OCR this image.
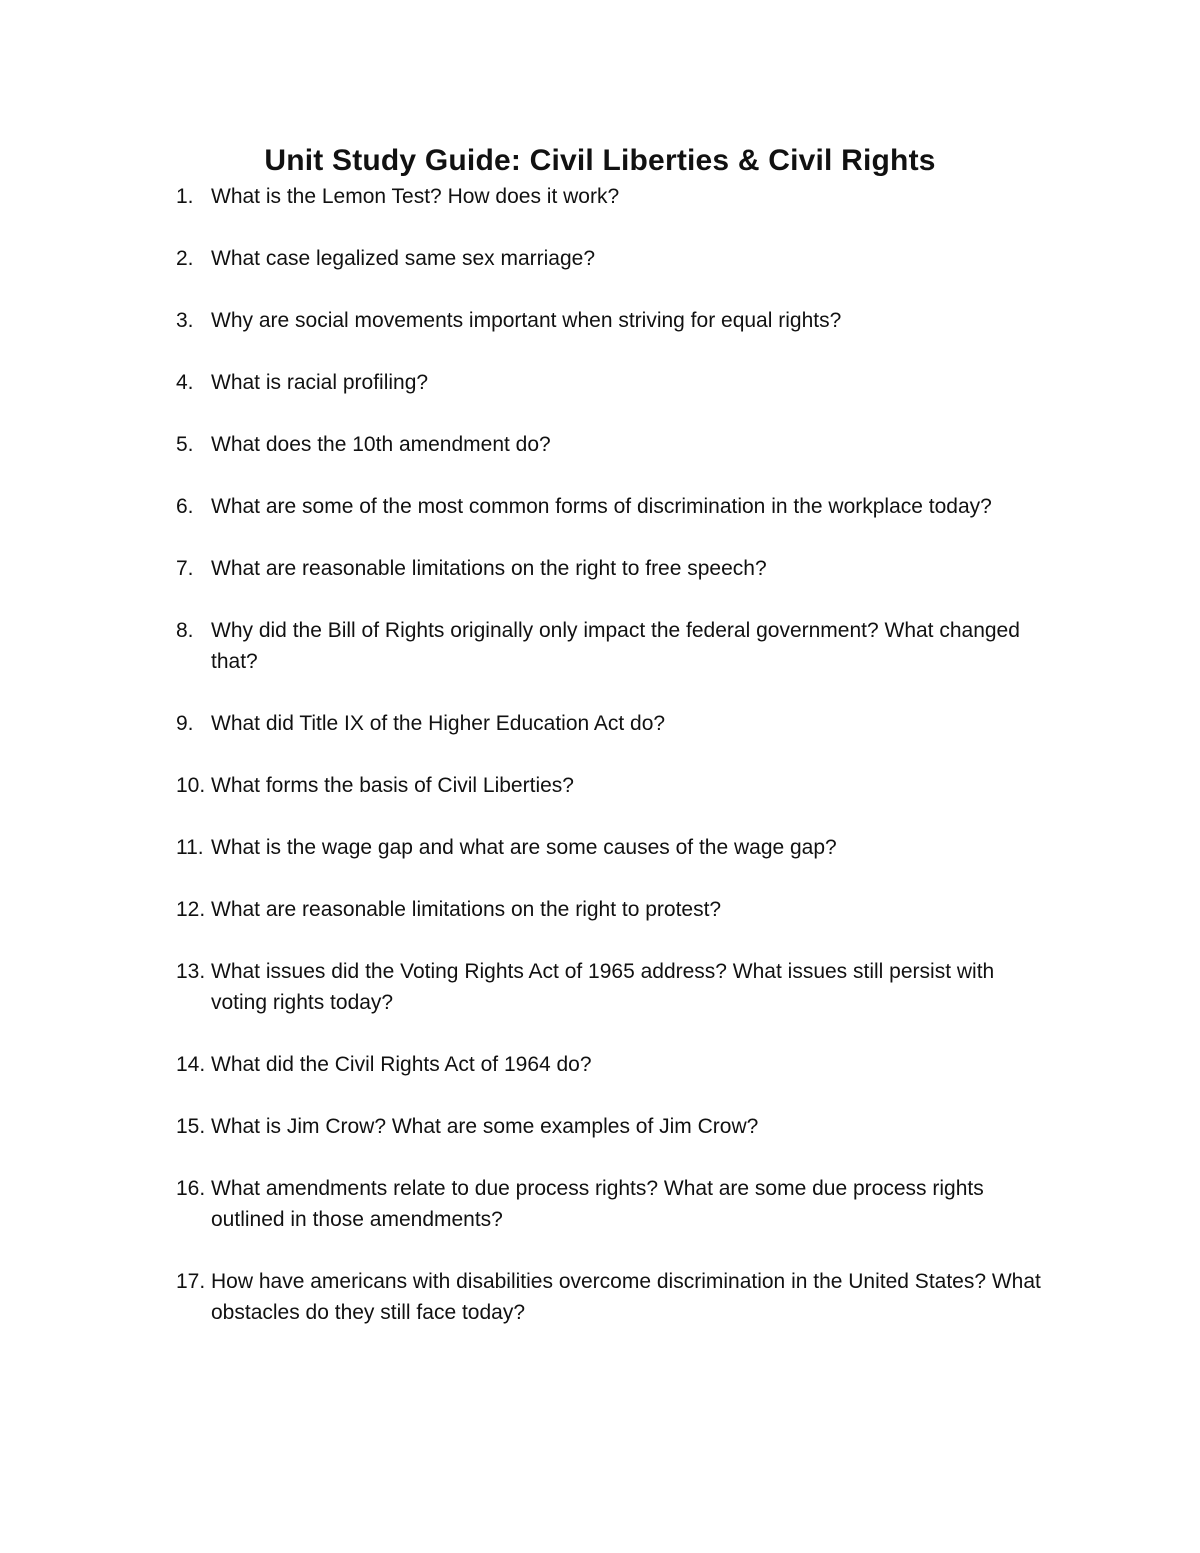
Unit Study Guide: Civil Liberties & Civil Rights
1. What is the Lemon Test? How does it work?
2. What case legalized same sex marriage?
3. Why are social movements important when striving for equal rights?
4. What is racial profiling?
5. What does the 10th amendment do?
6. What are some of the most common forms of discrimination in the workplace today?
7. What are reasonable limitations on the right to free speech?
8. Why did the Bill of Rights originally only impact the federal government? What changed that?
9. What did Title IX of the Higher Education Act do?
10. What forms the basis of Civil Liberties?
11. What is the wage gap and what are some causes of the wage gap?
12. What are reasonable limitations on the right to protest?
13. What issues did the Voting Rights Act of 1965 address? What issues still persist with voting rights today?
14. What did the Civil Rights Act of 1964 do?
15. What is Jim Crow? What are some examples of Jim Crow?
16. What amendments relate to due process rights? What are some due process rights outlined in those amendments?
17. How have americans with disabilities overcome discrimination in the United States? What obstacles do they still face today?
